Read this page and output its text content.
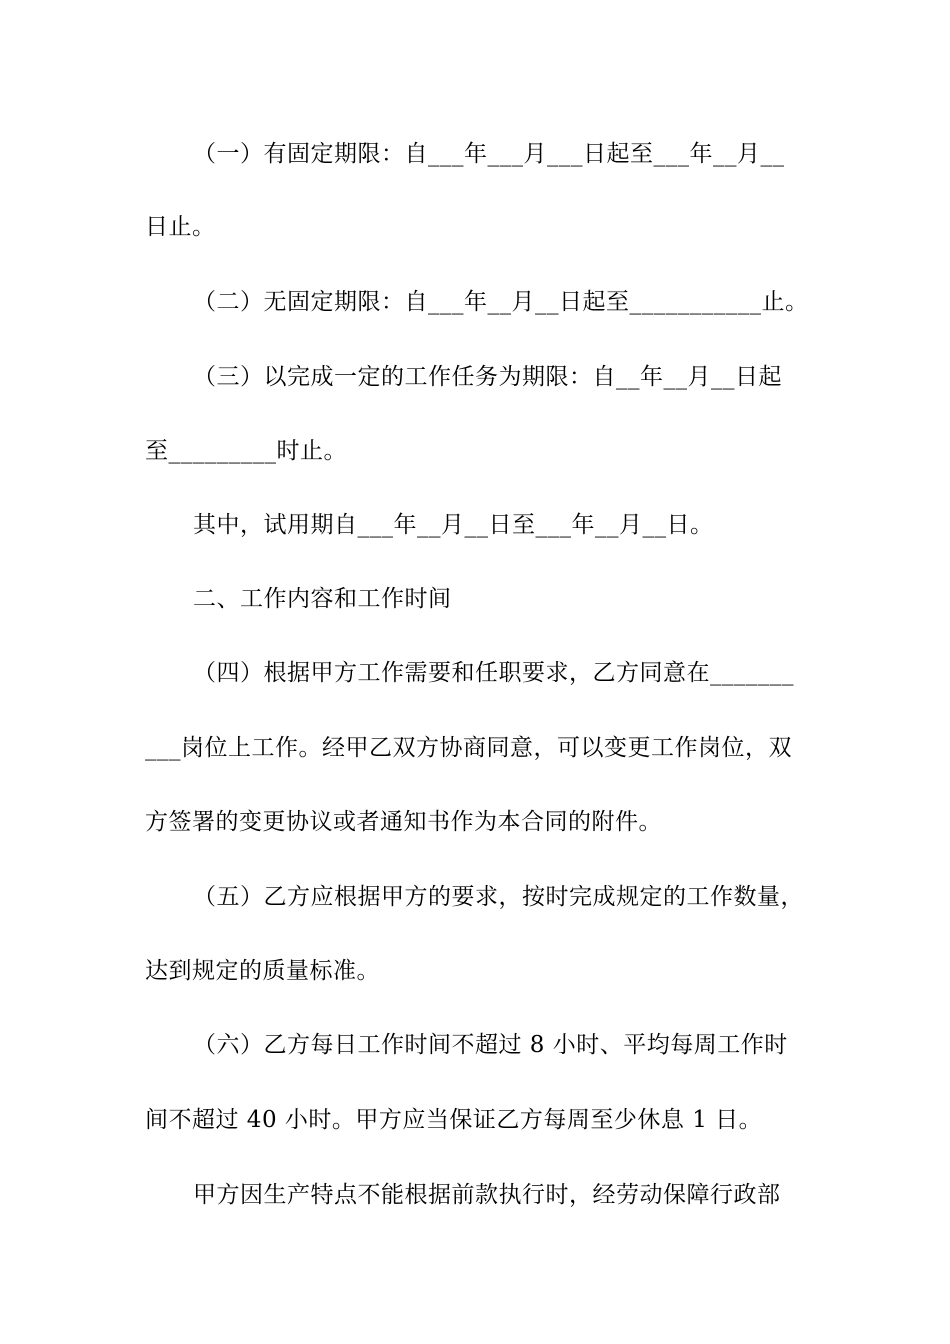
（一）有固定期限：自___年___月___日起至___年__月__
日止。
（二）无固定期限：自___年__月__日起至___________止。
（三）以完成一定的工作任务为期限：自__年__月__日起
至_________时止。
其中，试用期自___年__月__日至___年__月__日。
二、工作内容和工作时间
（四）根据甲方工作需要和任职要求，乙方同意在_______
___岗位上工作。经甲乙双方协商同意，可以变更工作岗位，双
方签署的变更协议或者通知书作为本合同的附件。
（五）乙方应根据甲方的要求，按时完成规定的工作数量，
达到规定的质量标准。
（六）乙方每日工作时间不超过 8 小时、平均每周工作时
间不超过 40 小时。甲方应当保证乙方每周至少休息 1 日。
甲方因生产特点不能根据前款执行时，经劳动保障行政部
